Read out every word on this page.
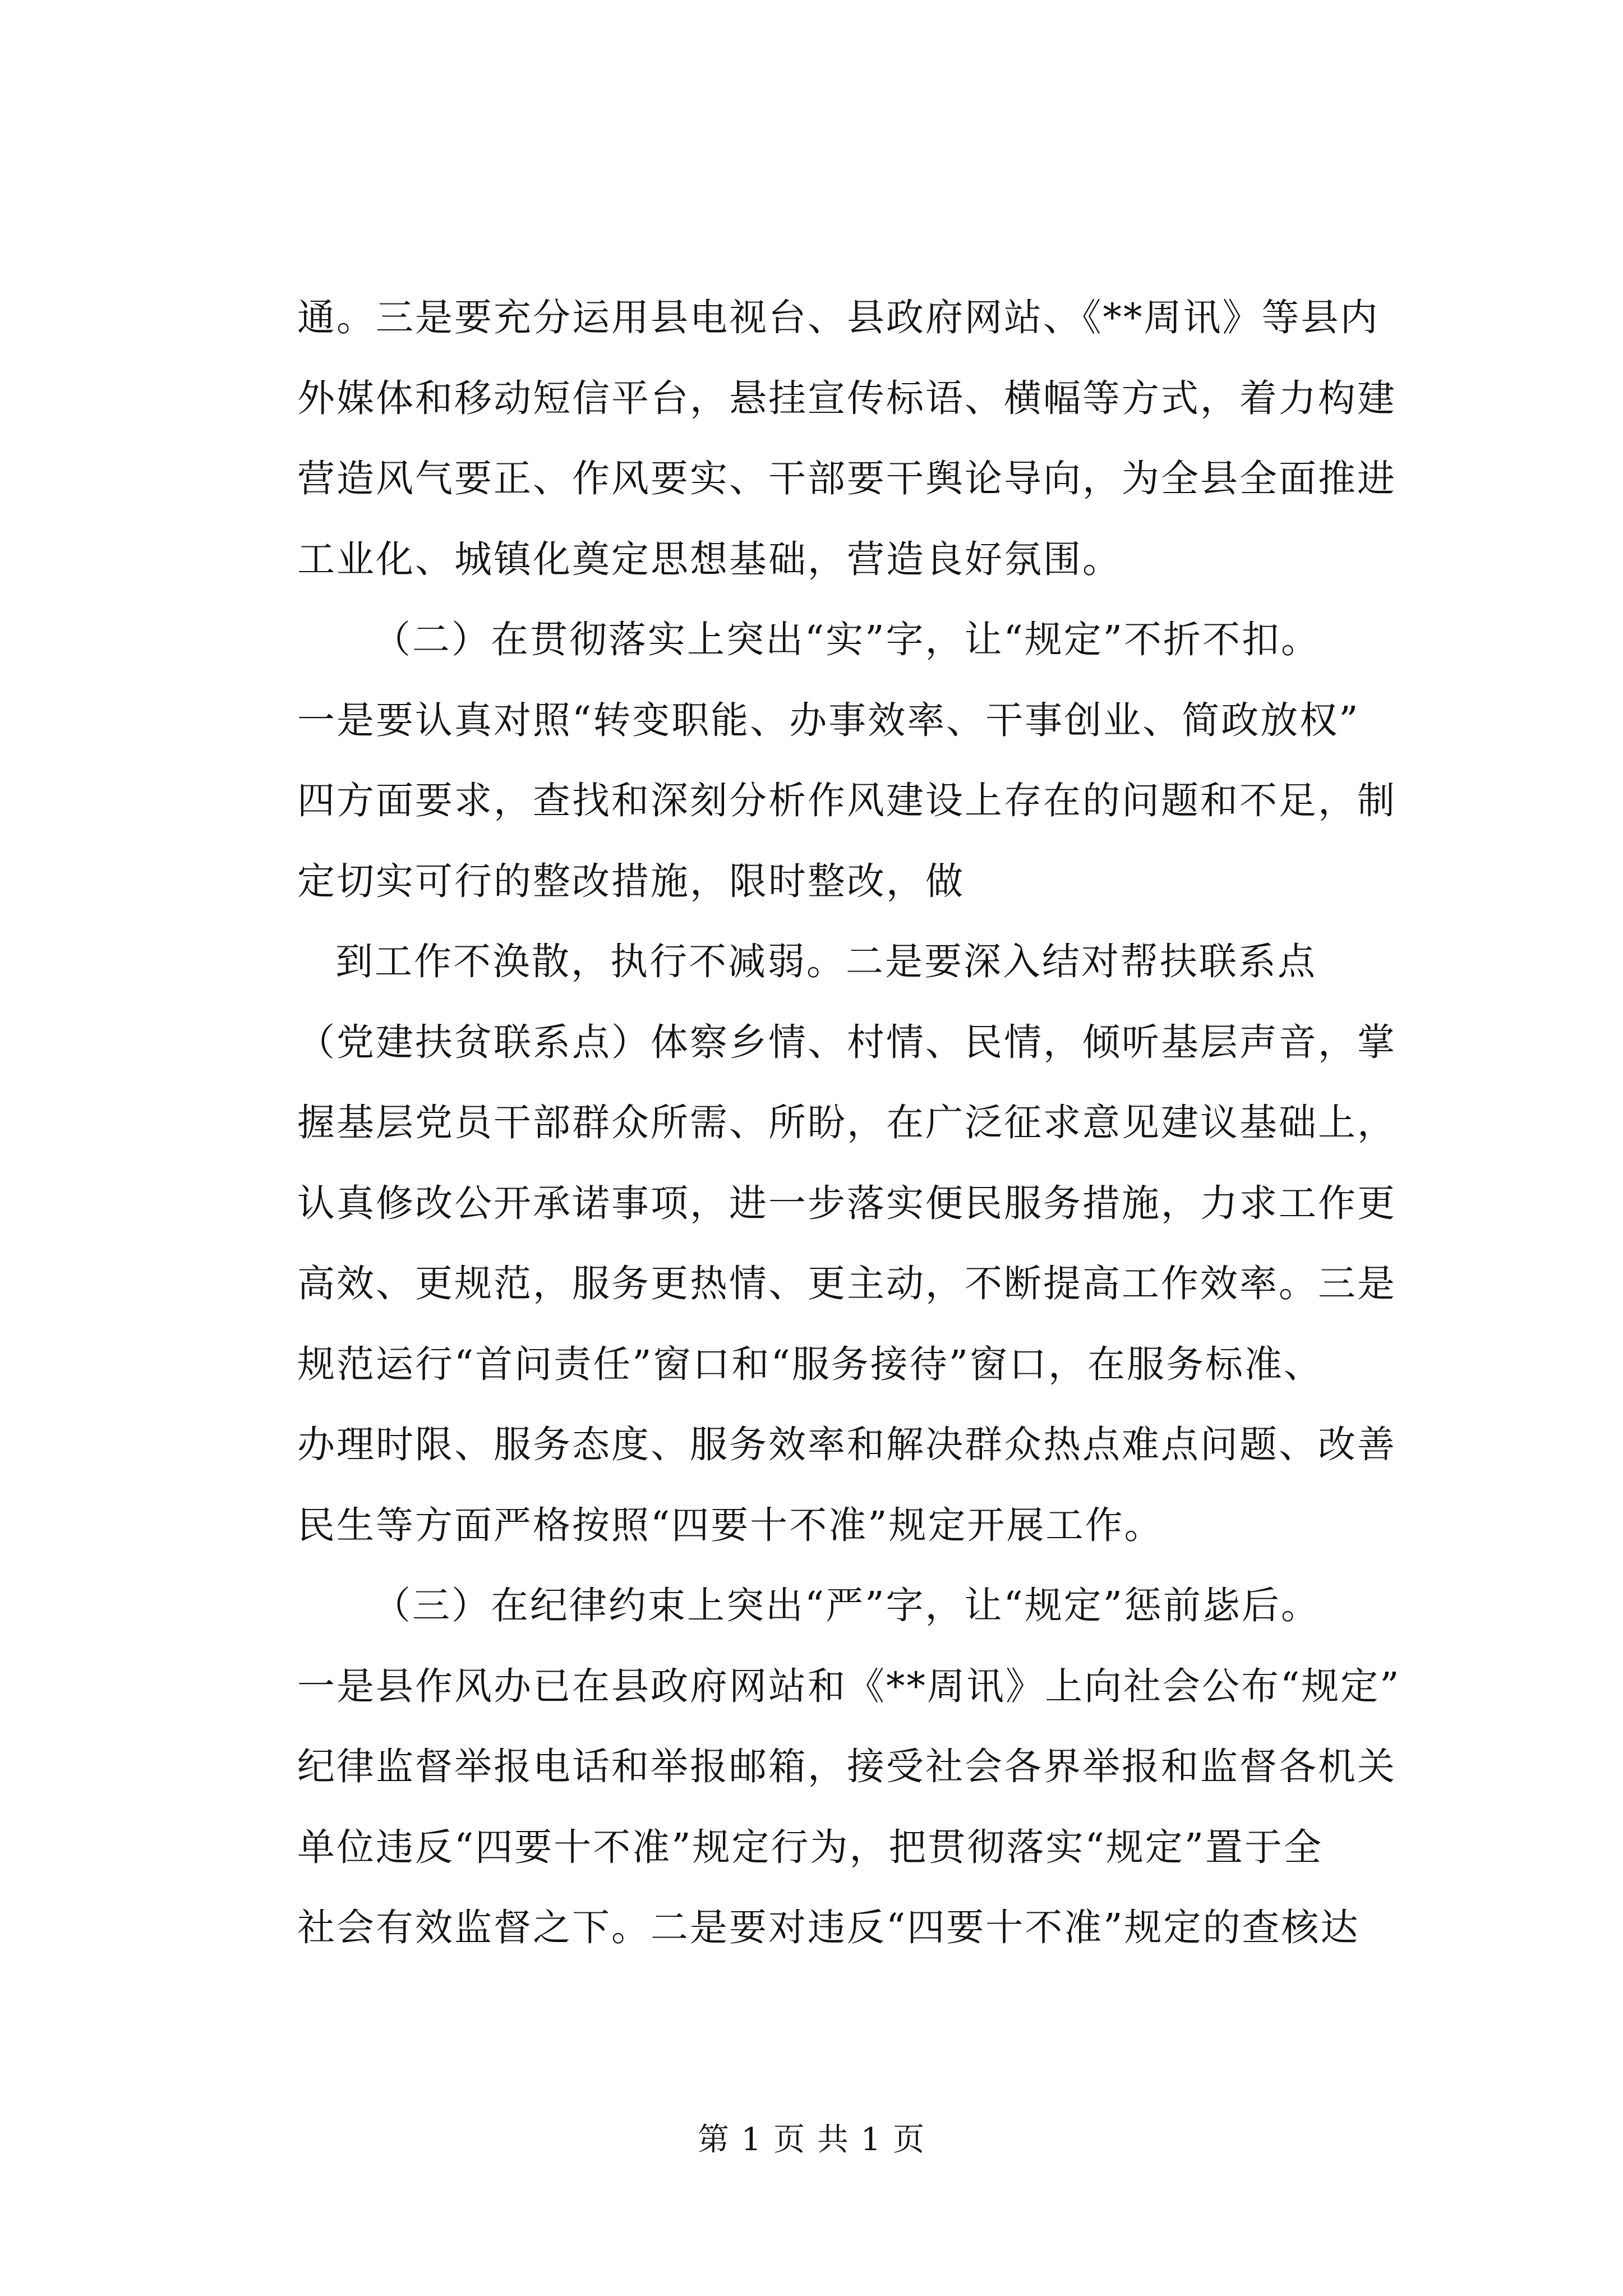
通。三是要充分运用县电视台、县政府网站、《**周讯》等县内
外媒体和移动短信平台，悬挂宣传标语、横幅等方式，着力构建
营造风气要正、作风要实、干部要干舆论导向，为全县全面推进
工业化、城镇化奠定思想基础，营造良好氛围。
（二）在贯彻落实上突出“实”字，让“规定”不折不扣。
一是要认真对照“转变职能、办事效率、干事创业、简政放权”
四方面要求，查找和深刻分析作风建设上存在的问题和不足，制
定切实可行的整改措施，限时整改，做
到工作不涣散，执行不减弱。二是要深入结对帮扶联系点
（党建扶贫联系点）体察乡情、村情、民情，倾听基层声音，掌
握基层党员干部群众所需、所盼，在广泛征求意见建议基础上，
认真修改公开承诺事项，进一步落实便民服务措施，力求工作更
高效、更规范，服务更热情、更主动，不断提高工作效率。三是
规范运行“首问责任”窗口和“服务接待”窗口，在服务标准、
办理时限、服务态度、服务效率和解决群众热点难点问题、改善
民生等方面严格按照“四要十不准”规定开展工作。
（三）在纪律约束上突出“严”字，让“规定”惩前毖后。
一是县作风办已在县政府网站和《**周讯》上向社会公布“规定”
纪律监督举报电话和举报邮箱，接受社会各界举报和监督各机关
单位违反“四要十不准”规定行为，把贯彻落实“规定”置于全
社会有效监督之下。二是要对违反“四要十不准”规定的查核达
第 1 页 共 1 页
